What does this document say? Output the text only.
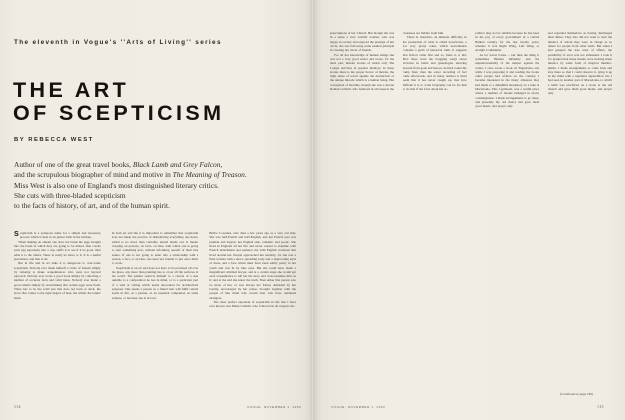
The eleventh in Vogue's ''Arts of Living'' series
THE ART
OF SCEPTICISM
BY REBECCA WEST
Author of one of the great travel books, Black Lamb and Grey Falcon,
and the scrupulous biographer of mind and motive in The Meaning of Treason.
Miss West is also one of England's most distinguished literary critics.
She cuts with three-bladed scepticism
to the facts of history, of art, and of the human spirit.

Scepticism is a pompous name for a simple and necessary process which is man in its purest form in the kitchen.

When making an omelet one does not break the eggs straight into the basin in which they are going to be mixed. One cracks each egg separately into a cup, sniffs it to see if it be good, then adds it to the others. There is really no more to it. It is a useful precaution, and that is all.

But in life and in art alike it is dangerous to over-value scepticism. Nobody ever made himself a circle of friends simply by refusing to make acquaintances who were not beyond reproach. Nobody ever wrote a good book simply by collecting a number of accurate facts and valid ideas. Nobody ever made a good omelet simply by ascertaining that certain eggs were fresh. There has to be the solid pan that does not burn or stick, the stove that comes to the right degree of heat, the whisk, the tender hand.

In both art and life it is important to remember that scepticism does not mean the practice of disbelieving everything one hears, which is no more than verbality turned inside out. It means stooping on persons, on facts, on idea, with which one is going to start something new, without informing oneself of their true nature. If one is not going to enter into a relationship with a person, a fact, or an idea, one need not trouble to put one's mind to work.

Scepticism is an art and does not have to be practised all over the place, any more than painting has to cover all flat surfaces in the world. The painter restricts himself to a canvas of a size suitable to a composition he has in mind, or to a particular part of a wall or ceiling which needs decoration for architectural purposes. One needs a person as a friend who will fulfil certain needs in life, as a partner, as an essential companion on some venture, or because one is in love.

Belloc Lowndes, who died a few years ago as a very old lady. She was half-French and half-English, and her French part was prudent and logical, her English side, romantic and poetic. She lived in England all her life and never ceased to examine with French detachment and patience the wild English creatures that lived around her. People approached her tenderly, for she was a little woman with a short, spreading body and a deprecating style of dress, and a face which must have been subtly pretty in her youth and was lit by blue eyes. But she could have made a magnificent criminal lawyer, and at a certain stage she would get each acquaintance to tell her his story and cross-examine him on it; and at the end she knew the truth. Then either that person saw no more of her, or was always her friend, defended by her loyalty, encouraged by her praise, brought together with the people of like mind who would alter who have remained strangers.

The most perfect exponent of scepticism in life that I have ever known was Marie Catholic who followed in all respects the

prescriptions of her Church. But though she was in a sense a very worldly woman, who was happy in society and enjoyed the prestige of her circle, she was following some exalted principle in creating her circle of friends.

For all her knowledge of human beings she was not a very good writer and wrote, for the most part, murder stories of which only The Lodger survives in popular memory. In these stories there is the proper horror of murder, the right sense of revolt against the destruction of the unique miracle which is a human being. Her conception of morality, though she was a devout Roman Catholic who believed in all respects the

ciousness are hidden from him.

There is, therefore, an inherent difficulty in the production of what is called non-fiction, a not very pretty name which nevertheless contains a germ of historical truth. It suggests that fiction came first and so, bless it, it did. First there were the bragging songs about victories in battle and genealogies showing descent from gods and heroes, howled round the camp fires; then the sober recording of fact came afterwards, and in many authors it must seem that it has never caught up. Just how difficult it is to write biography can be for him to do that if the facts about his ac-

politics may not be reliable because he has been in the pay of every government in a certain Balkan country for the last twenty years, whether it was Right Wing, Left Wing, or straight Communist.

As for travel books ... but then the thing is sometimes Human Infidelity and the unputdownability of his temper against the writer. I once wrote a book on Yugoslavia, and while I was preparing it and reading the books other people had written on the country, I became interested in the many allusions they had made to a delightful monastery on a lake in Macedonia. This I gathered, was a restful place where a number of monks indulged in exotic contemplation. I made arrangements to go there, and presently my old cherry and gave them good meals, and prayer only

and regarded themselves as having discharged their duties. They also did not want to treat the lunatics of whom they were in charge as so others for people from other lands. But when I had grasped the true state of affairs, the possibility of error was not exhausted. I took it for granted that these monks were treating these lunatics by some form of magical mumbo-jumbo. I made arrangements to come back and stay there so that I could observe it, tying it up in my mind with a repulsive superstition cite I had seen in another part of Macedonia, to which a lamb was sacrificed on a stone at the old church and gave them good meals, and prayer only

114	115
VOGUE, NOVEMBER 1, 1952	VOGUE, NOVEMBER 1, 1952
(Continued on page 166)
